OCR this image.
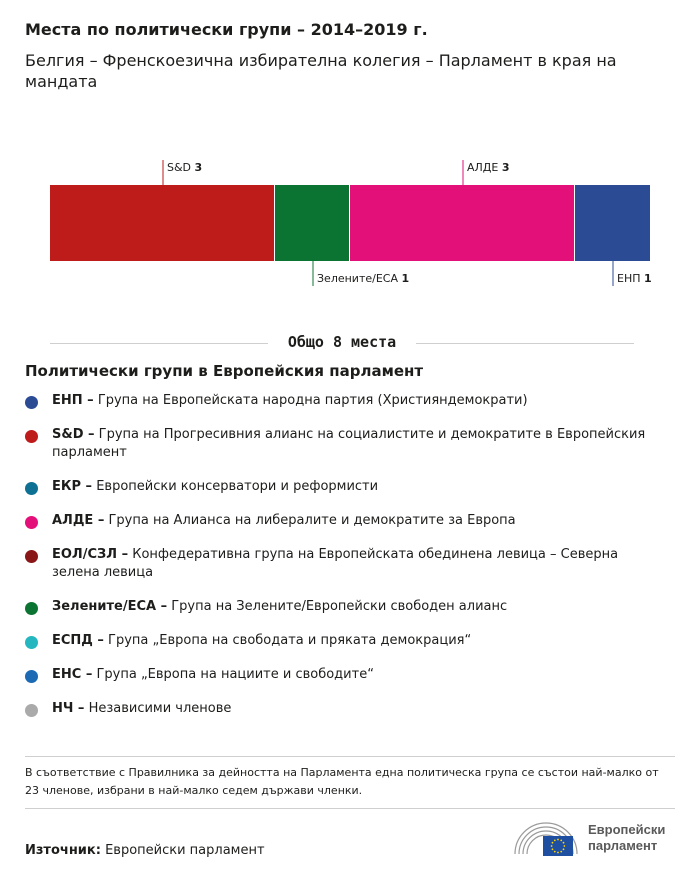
Места по политически групи – 2014–2019 г.

Белгия – Френскоезична избирателна колегия – Парламент в края на мандата

S&D 3
Зелените/ЕСА 1
АЛДЕ 3
ЕНП 1
Общо 8 места
Политически групи в Европейския парламент
ЕНП – Група на Европейската народна партия (Християндемократи)
S&D – Група на Прогресивния алианс на социалистите и демократите в Европейския парламент
ЕКР – Европейски консерватори и реформисти
АЛДЕ – Група на Алианса на либералите и демократите за Европа
ЕОЛ/СЗЛ – Конфедеративна група на Европейската обединена левица – Северна зелена левица
Зелените/ЕСА – Група на Зелените/Европейски свободен алианс
ЕСПД – Група „Европа на свободата и пряката демокрация“
ЕНС – Група „Европа на нациите и свободите“
НЧ – Независими членове

В съответствие с Правилника за дейността на Парламента една политическа група се състои най-малко от 23 членове, избрани в най-малко седем държави членки.

Източник: Европейски парламент
Европейски
парламент
